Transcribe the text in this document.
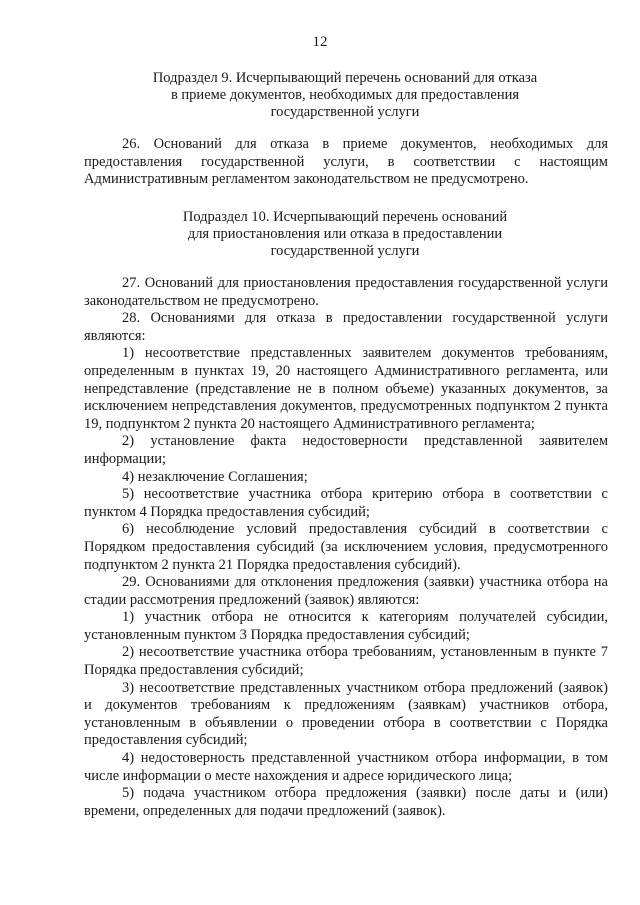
12
Подраздел 9. Исчерпывающий перечень оснований для отказа
в приеме документов, необходимых для предоставления
государственной услуги

26. Оснований для отказа в приеме документов, необходимых для предоставления государственной услуги, в соответствии с настоящим Административным регламентом законодательством не предусмотрено.

Подраздел 10. Исчерпывающий перечень оснований
для приостановления или отказа в предоставлении
государственной услуги

27. Оснований для приостановления предоставления государственной услуги законодательством не предусмотрено.

28. Основаниями для отказа в предоставлении государственной услуги являются:

1) несоответствие представленных заявителем документов требованиям, определенным в пунктах 19, 20 настоящего Административного регламента, или непредставление (представление не в полном объеме) указанных документов, за исключением непредставления документов, предусмотренных подпунктом 2 пункта 19, подпунктом 2 пункта 20 настоящего Административного регламента;

2) установление факта недостоверности представленной заявителем информации;

4) незаключение Соглашения;

5) несоответствие участника отбора критерию отбора в соответствии с пунктом 4 Порядка предоставления субсидий;

6) несоблюдение условий предоставления субсидий в соответствии с Порядком предоставления субсидий (за исключением условия, предусмотренного подпунктом 2 пункта 21 Порядка предоставления субсидий).

29. Основаниями для отклонения предложения (заявки) участника отбора на стадии рассмотрения предложений (заявок) являются:

1) участник отбора не относится к категориям получателей субсидии, установленным пунктом 3 Порядка предоставления субсидий;

2) несоответствие участника отбора требованиям, установленным в пункте 7 Порядка предоставления субсидий;

3) несоответствие представленных участником отбора предложений (заявок) и документов требованиям к предложениям (заявкам) участников отбора, установленным в объявлении о проведении отбора в соответствии с Порядка предоставления субсидий;

4) недостоверность представленной участником отбора информации, в том числе информации о месте нахождения и адресе юридического лица;

5) подача участником отбора предложения (заявки) после даты и (или) времени, определенных для подачи предложений (заявок).
